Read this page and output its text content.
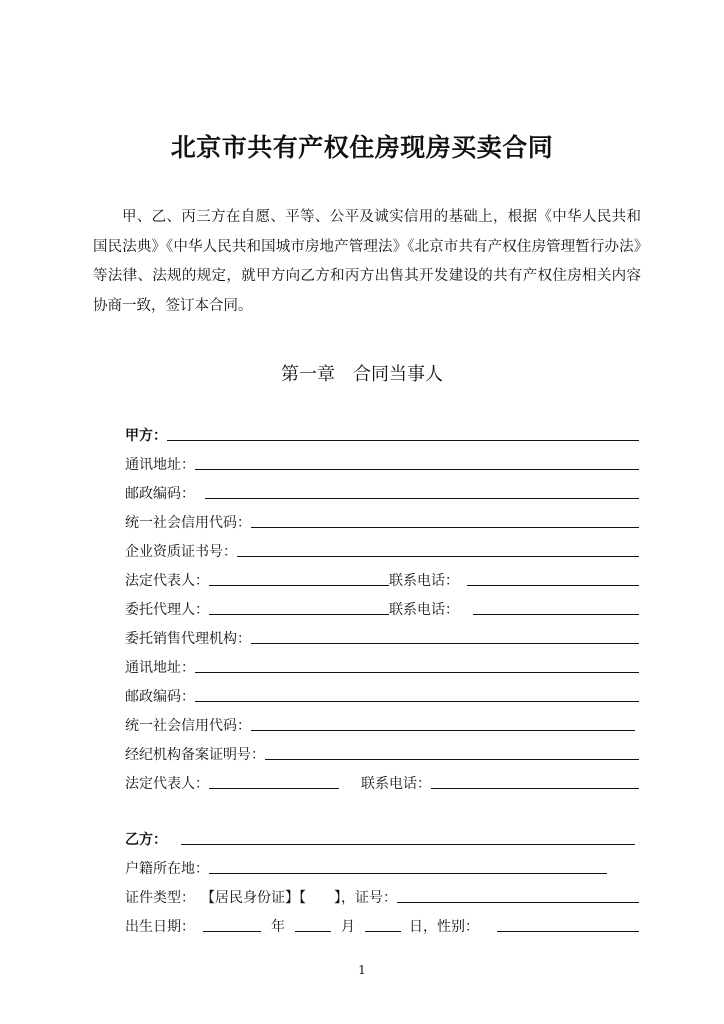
北京市共有产权住房现房买卖合同
甲、乙、丙三方在自愿、平等、公平及诚实信用的基础上，根据《中华人民共和国民法典》《中华人民共和国城市房地产管理法》《北京市共有产权住房管理暂行办法》等法律、法规的规定，就甲方向乙方和丙方出售其开发建设的共有产权住房相关内容协商一致，签订本合同。
第一章　合同当事人
甲方：
通讯地址：
邮政编码：
统一社会信用代码：
企业资质证书号：
法定代表人：	联系电话：
委托代理人：	联系电话：
委托销售代理机构：
通讯地址：
邮政编码：
统一社会信用代码：
经纪机构备案证明号：
法定代表人：	联系电话：
乙方：
户籍所在地：
证件类型： 【居民身份证】【　　】，证号：
出生日期：	年	月	日，性别：
1
